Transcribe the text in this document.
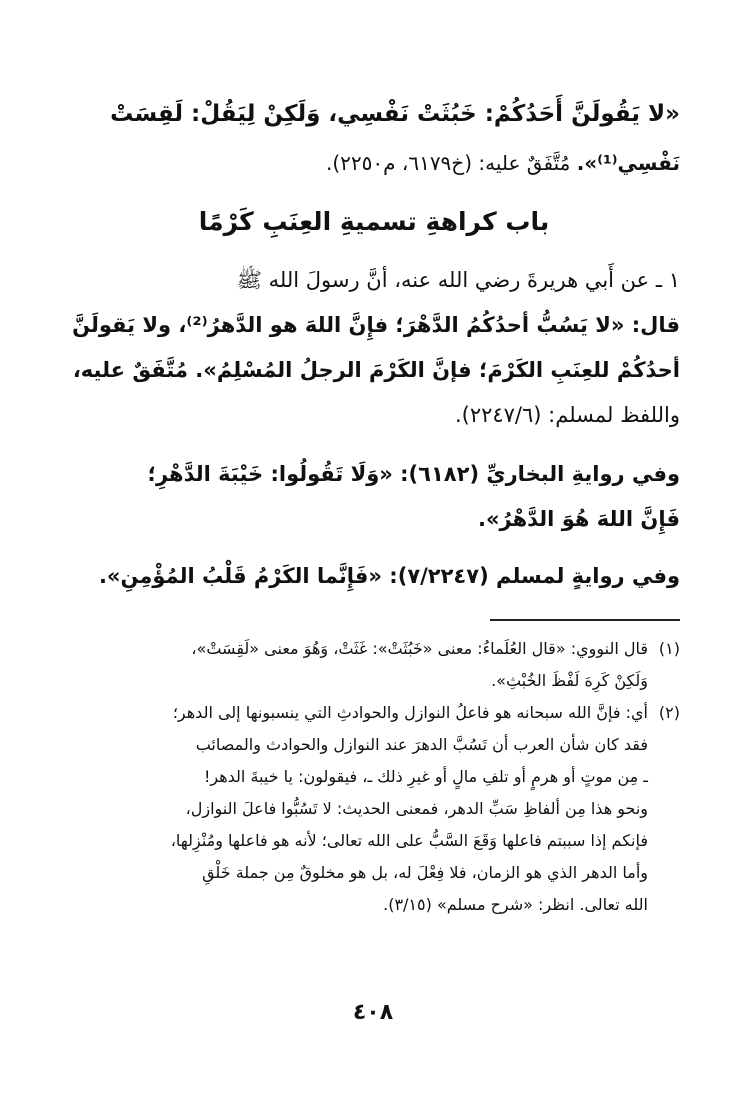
«لا يَقُولَنَّ أَحَدُكُمْ: خَبُثَتْ نَفْسِي، وَلَكِنْ لِيَقُلْ: لَقِسَتْ
نَفْسِي⁽¹⁾». مُتَّفَقٌ عليه: (خ٦١٧٩، م٢٢٥٠).
باب كراهةِ تسميةِ العِنَبِ كَرْمًا
١ ـ عن أَبي هريرةَ رضي الله عنه، أنَّ رسولَ الله ﷺ
قال: «لا يَسُبُّ أحدُكُمُ الدَّهْرَ؛ فإِنَّ اللهَ هو الدَّهرُ⁽²⁾، ولا يَقولَنَّ
أحدُكُمْ للعِنَبِ الكَرْمَ؛ فإنَّ الكَرْمَ الرجلُ المُسْلِمُ». مُتَّفَقٌ عليه،
واللفظ لمسلم: (٢٢٤٧/٦).
وفي روايةِ البخاريِّ (٦١٨٢): «وَلَا تَقُولُوا: خَيْبَةَ الدَّهْرِ؛
فَإِنَّ اللهَ هُوَ الدَّهْرُ».
وفي روايةٍ لمسلم (٧/٢٢٤٧): «فَإِنَّما الكَرْمُ قَلْبُ المُؤْمِنِ».
(١)قال النووي: «قال العُلَماءُ: معنى «خَبُثَتْ»: غَثَتْ، وَهُوَ معنى «لَقِسَتْ»،
وَلَكِنْ كَرِهَ لَفْظَ الخُبْثِ».
(٢)أي: فإنَّ الله سبحانه هو فاعلُ النوازل والحوادثِ التي ينسبونها إلى الدهر؛
فقد كان شأن العرب أن تَسُبَّ الدهرَ عند النوازل والحوادث والمصائب
ـ مِن موتٍ أو هرمٍ أو تلفِ مالٍ أو غيرِ ذلك ـ، فيقولون: يا خيبةَ الدهر!
ونحو هذا مِن ألفاظِ سَبِّ الدهر، فمعنى الحديث: لا تَسُبُّوا فاعلَ النوازل،
فإنكم إذا سببتم فاعلها وَقَعَ السَّبُّ على الله تعالى؛ لأنه هو فاعلها ومُنْزِلها،
وأما الدهر الذي هو الزمان، فلا فِعْلَ له، بل هو مخلوقٌ مِن جملة خَلْقِ
الله تعالى. انظر: «شرح مسلم» (٣/١٥).
٤٠٨
